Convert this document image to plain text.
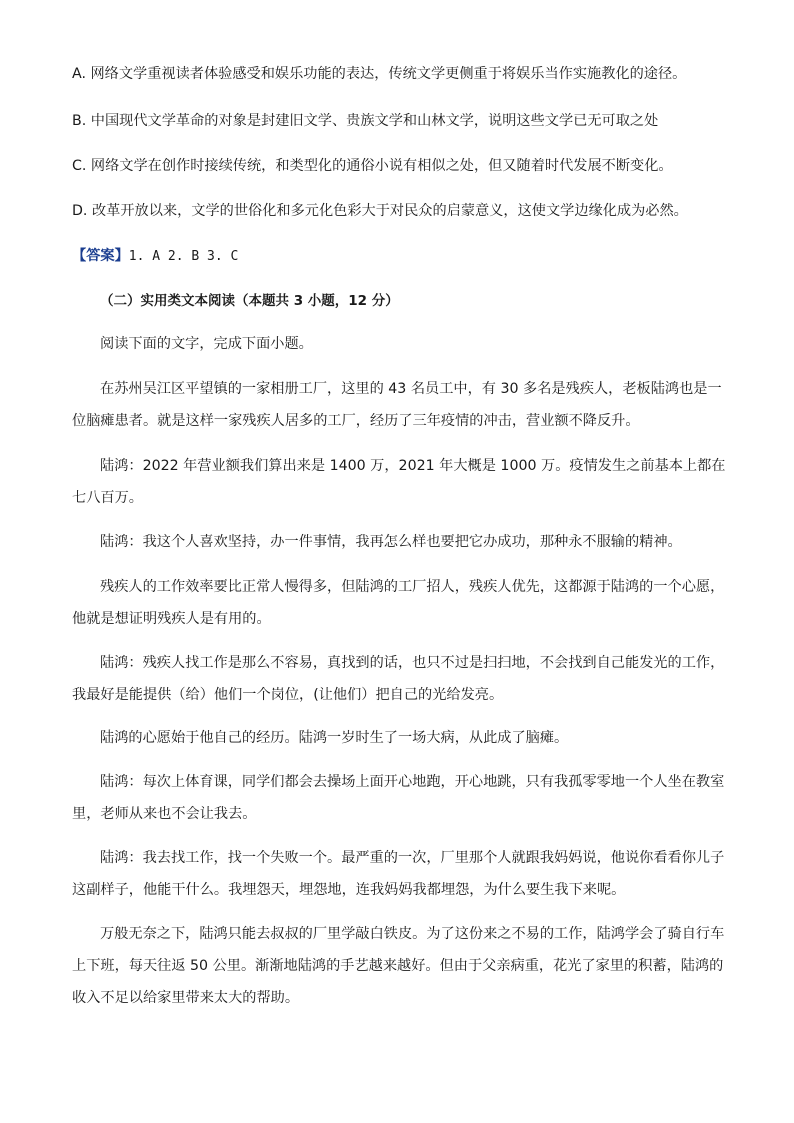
A. 网络文学重视读者体验感受和娱乐功能的表达，传统文学更侧重于将娱乐当作实施教化的途径。
B. 中国现代文学革命的对象是封建旧文学、贵族文学和山林文学，说明这些文学已无可取之处
C. 网络文学在创作时接续传统，和类型化的通俗小说有相似之处，但又随着时代发展不断变化。
D. 改革开放以来，文学的世俗化和多元化色彩大于对民众的启蒙意义，这使文学边缘化成为必然。
【答案】1. A 2. B 3. C
（二）实用类文本阅读（本题共 3 小题，12 分）
阅读下面的文字，完成下面小题。
在苏州吴江区平望镇的一家相册工厂，这里的 43 名员工中，有 30 多名是残疾人，老板陆鸿也是一位脑瘫患者。就是这样一家残疾人居多的工厂，经历了三年疫情的冲击，营业额不降反升。
陆鸿：2022 年营业额我们算出来是 1400 万，2021 年大概是 1000 万。疫情发生之前基本上都在七八百万。
陆鸿：我这个人喜欢坚持，办一件事情，我再怎么样也要把它办成功，那种永不服输的精神。
残疾人的工作效率要比正常人慢得多，但陆鸿的工厂招人，残疾人优先，这都源于陆鸿的一个心愿，他就是想证明残疾人是有用的。
陆鸿：残疾人找工作是那么不容易，真找到的话，也只不过是扫扫地，不会找到自己能发光的工作，我最好是能提供（给）他们一个岗位，(让他们）把自己的光给发亮。
陆鸿的心愿始于他自己的经历。陆鸿一岁时生了一场大病，从此成了脑瘫。
陆鸿：每次上体育课，同学们都会去操场上面开心地跑，开心地跳，只有我孤零零地一个人坐在教室里，老师从来也不会让我去。
陆鸿：我去找工作，找一个失败一个。最严重的一次，厂里那个人就跟我妈妈说，他说你看看你儿子这副样子，他能干什么。我埋怨天，埋怨地，连我妈妈我都埋怨，为什么要生我下来呢。
万般无奈之下，陆鸿只能去叔叔的厂里学敲白铁皮。为了这份来之不易的工作，陆鸿学会了骑自行车上下班，每天往返 50 公里。渐渐地陆鸿的手艺越来越好。但由于父亲病重，花光了家里的积蓄，陆鸿的收入不足以给家里带来太大的帮助。
